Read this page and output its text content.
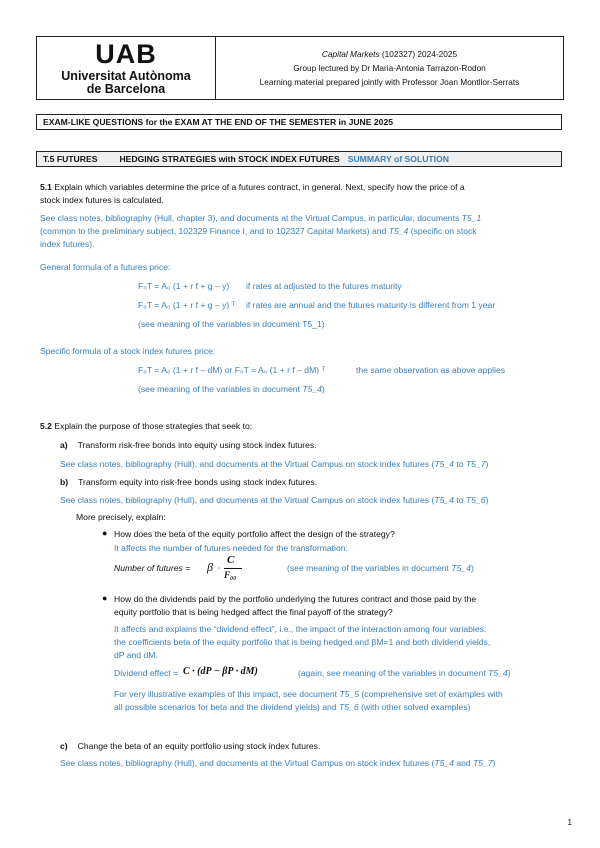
UAB
Universitat Autònoma
de Barcelona
Capital Markets (102327) 2024-2025
Group lectured by Dr Maria-Antonia Tarrazon-Rodon
Learning material prepared jointly with Professor Joan Montllor-Serrats
EXAM-LIKE QUESTIONS for the EXAM AT THE END OF THE SEMESTER in JUNE 2025
T.5 FUTURES	HEDGING STRATEGIES with STOCK INDEX FUTURES SUMMARY of SOLUTION
5.1 Explain which variables determine the price of a futures contract, in general. Next, specify how the price of a
stock index futures is calculated.
See class notes, bibliography (Hull, chapter 3), and documents at the Virtual Campus, in particular, documents T5_1
(common to the preliminary subject, 102329 Finance I, and to 102327 Capital Markets) and T5_4 (specific on stock
index futures).
General formula of a futures price:
F₀T = A₀ (1 + r f + g – y) if rates at adjusted to the futures maturity
F₀T = A₀ (1 + r f + g – y) ᵀ if rates are annual and the futures maturity is different from 1 year
(see meaning of the variables in document T5_1)
Specific formula of a stock index futures price:
F₀T = A₀ (1 + r f – dM) or F₀T = A₀ (1 + r f – dM) ᵀ	the same observation as above applies
(see meaning of the variables in document T5_4)
5.2 Explain the purpose of those strategies that seek to:
a) Transform risk-free bonds into equity using stock index futures.
See class notes, bibliography (Hull), and documents at the Virtual Campus on stock index futures (T5_4 to T5_7)
b) Transform equity into risk-free bonds using stock index futures.
See class notes, bibliography (Hull), and documents at the Virtual Campus on stock index futures (T5_4 to T5_6)
More precisely, explain:
● How does the beta of the equity portfolio affect the design of the strategy?
It affects the number of futures needed for the transformation:
Number of futures = β ·
C
F₀₀
(see meaning of the variables in document T5_4)
● How do the dividends paid by the portfolio underlying the futures contract and those paid by the
equity portfolio that is being hedged affect the final payoff of the strategy?
It affects and explains the “dividend effect”, i.e., the impact of the interaction among four variables:
the coefficients beta of the equity portfolio that is being hedged and βM=1 and both dividend yields,
dP and dM.
Dividend effect = C · (dP − βP · dM)	(again, see meaning of the variables in document T5_4)
For very illustrative examples of this impact, see document T5_5 (comprehensive set of examples with
all possible scenarios for beta and the dividend yields) and T5_6 (with other solved examples)
c) Change the beta of an equity portfolio using stock index futures.
See class notes, bibliography (Hull), and documents at the Virtual Campus on stock index futures (T5_4 and T5_7)
1
